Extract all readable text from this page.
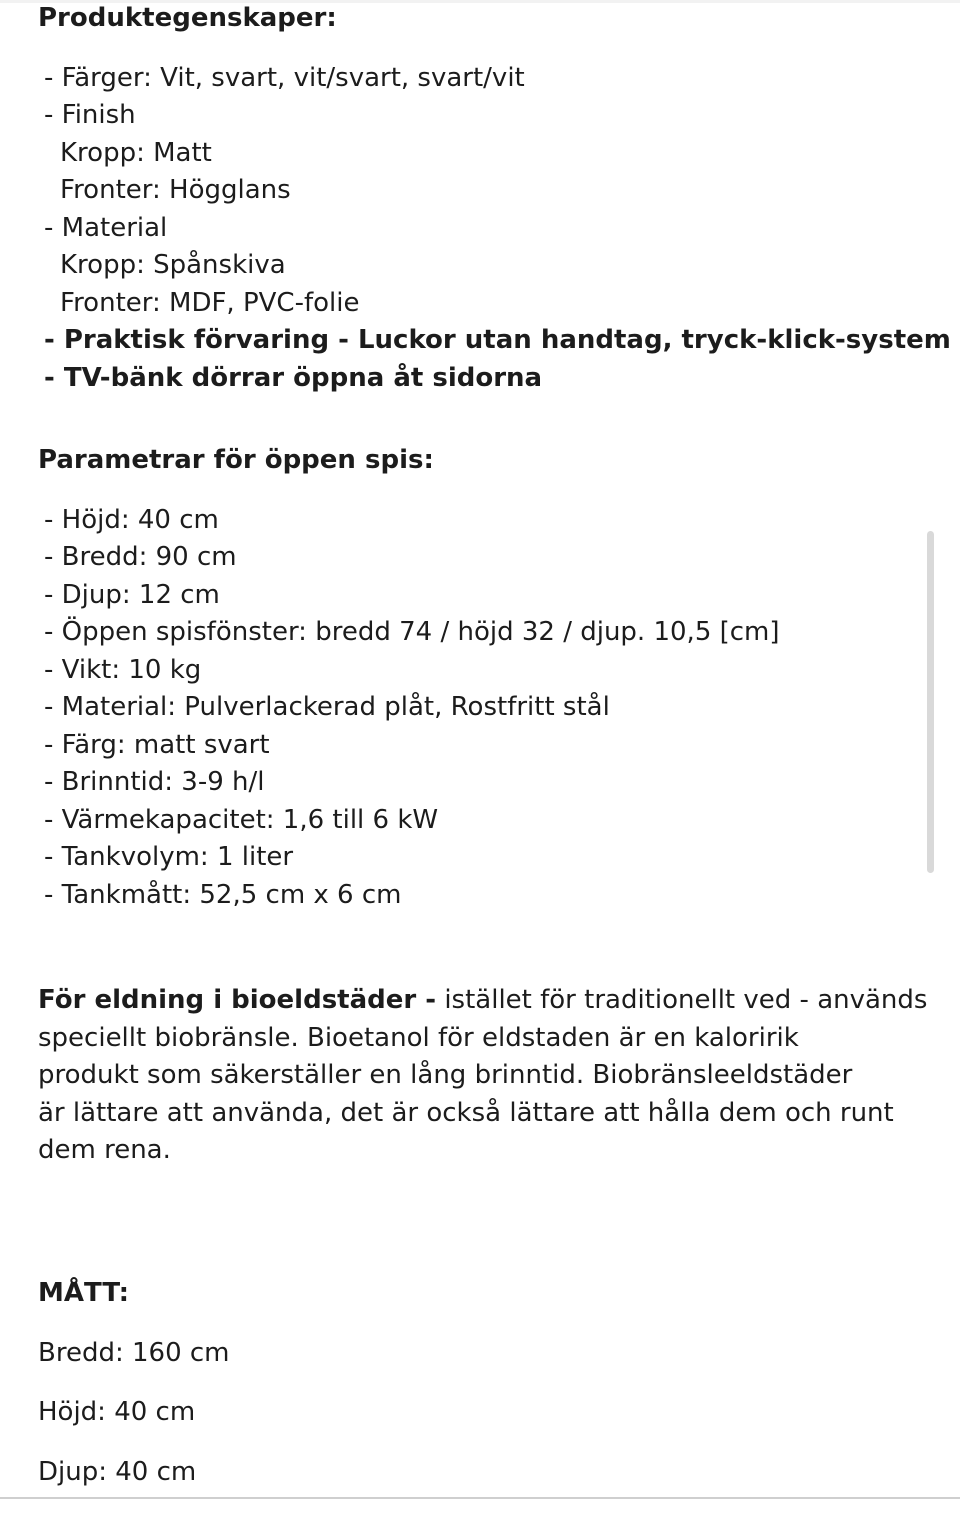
Produktegenskaper:

- Färger: Vit, svart, vit/svart, svart/vit
- Finish
Kropp: Matt
Fronter: Högglans
- Material
Kropp: Spånskiva
Fronter: MDF, PVC-folie
- Praktisk förvaring - Luckor utan handtag, tryck-klick-system
- TV-bänk dörrar öppna åt sidorna

Parametrar för öppen spis:

- Höjd: 40 cm
- Bredd: 90 cm
- Djup: 12 cm
- Öppen spisfönster: bredd 74 / höjd 32 / djup. 10,5 [cm]
- Vikt: 10 kg
- Material: Pulverlackerad plåt, Rostfritt stål
- Färg: matt svart
- Brinntid: 3-9 h/l
- Värmekapacitet: 1,6 till 6 kW
- Tankvolym: 1 liter
- Tankmått: 52,5 cm x 6 cm

För eldning i bioeldstäder - istället för traditionellt ved - används

speciellt biobränsle. Bioetanol för eldstaden är en kaloririk

produkt som säkerställer en lång brinntid. Biobränsleeldstäder

är lättare att använda, det är också lättare att hålla dem och runt

dem rena.

MÅTT:

Bredd: 160 cm

Höjd: 40 cm

Djup: 40 cm
